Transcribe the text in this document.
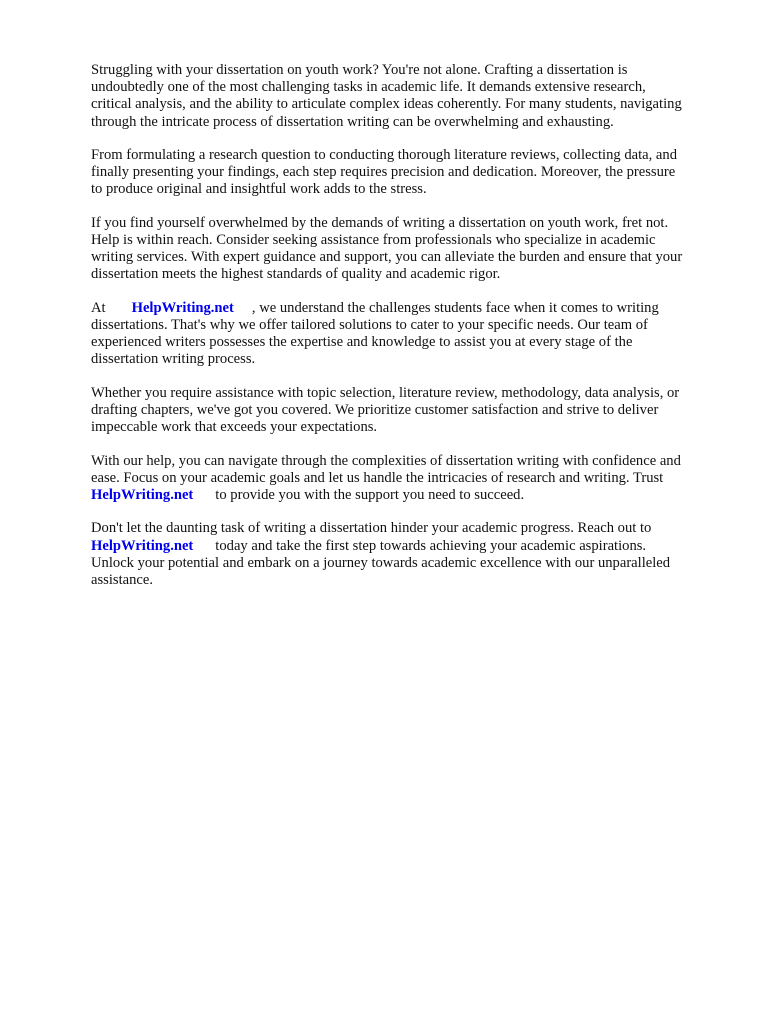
Struggling with your dissertation on youth work? You're not alone. Crafting a dissertation is
undoubtedly one of the most challenging tasks in academic life. It demands extensive research,
critical analysis, and the ability to articulate complex ideas coherently. For many students, navigating
through the intricate process of dissertation writing can be overwhelming and exhausting.

From formulating a research question to conducting thorough literature reviews, collecting data, and
finally presenting your findings, each step requires precision and dedication. Moreover, the pressure
to produce original and insightful work adds to the stress.

If you find yourself overwhelmed by the demands of writing a dissertation on youth work, fret not.
Help is within reach. Consider seeking assistance from professionals who specialize in academic
writing services. With expert guidance and support, you can alleviate the burden and ensure that your
dissertation meets the highest standards of quality and academic rigor.

At HelpWriting.net , we understand the challenges students face when it comes to writing
dissertations. That's why we offer tailored solutions to cater to your specific needs. Our team of
experienced writers possesses the expertise and knowledge to assist you at every stage of the
dissertation writing process.

Whether you require assistance with topic selection, literature review, methodology, data analysis, or
drafting chapters, we've got you covered. We prioritize customer satisfaction and strive to deliver
impeccable work that exceeds your expectations.

With our help, you can navigate through the complexities of dissertation writing with confidence and
ease. Focus on your academic goals and let us handle the intricacies of research and writing. Trust
HelpWriting.net to provide you with the support you need to succeed.

Don't let the daunting task of writing a dissertation hinder your academic progress. Reach out to
HelpWriting.net today and take the first step towards achieving your academic aspirations.
Unlock your potential and embark on a journey towards academic excellence with our unparalleled
assistance.
